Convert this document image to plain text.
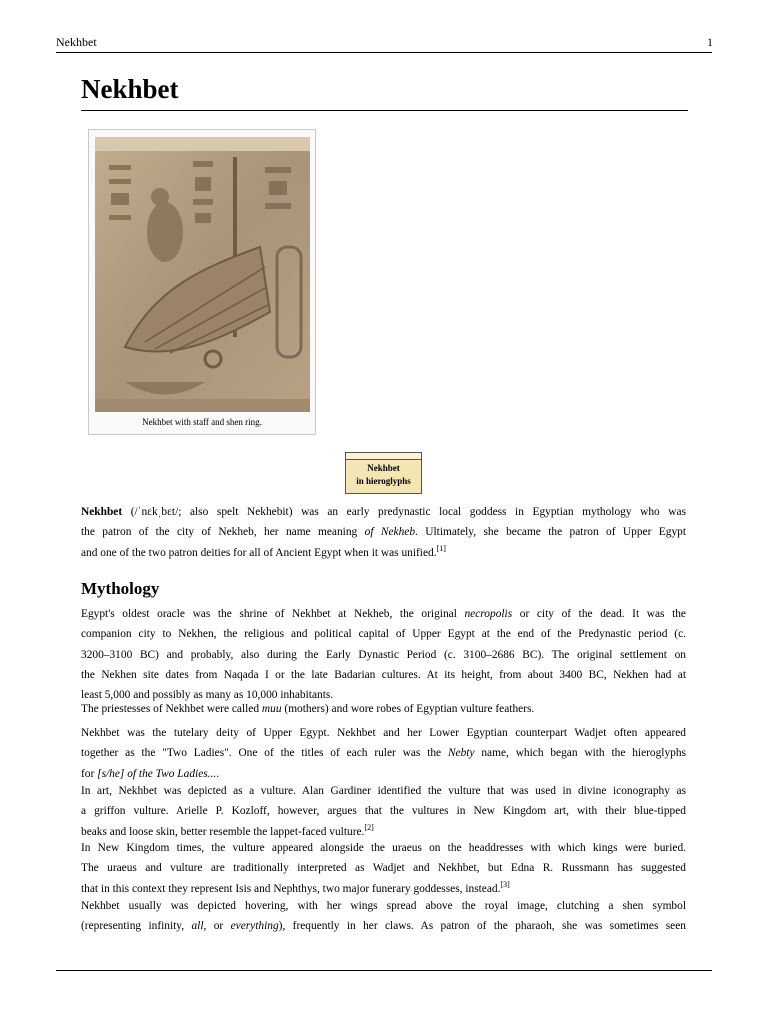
Nekhbet	1
Nekhbet
Nekhbet with staff and shen ring.
Nekhbet
in hieroglyphs

Nekhbet (/ˈnɛkˌbɛt/; also spelt Nekhebit) was an early predynastic local goddess in Egyptian mythology who was
the patron of the city of Nekheb, her name meaning of Nekheb. Ultimately, she became the patron of Upper Egypt
and one of the two patron deities for all of Ancient Egypt when it was unified.[1]

Mythology

Egypt's oldest oracle was the shrine of Nekhbet at Nekheb, the original necropolis or city of the dead. It was the
companion city to Nekhen, the religious and political capital of Upper Egypt at the end of the Predynastic period (c.
3200–3100 BC) and probably, also during the Early Dynastic Period (c. 3100–2686 BC). The original settlement on
the Nekhen site dates from Naqada I or the late Badarian cultures. At its height, from about 3400 BC, Nekhen had at
least 5,000 and possibly as many as 10,000 inhabitants.

The priestesses of Nekhbet were called muu (mothers) and wore robes of Egyptian vulture feathers.

Nekhbet was the tutelary deity of Upper Egypt. Nekhbet and her Lower Egyptian counterpart Wadjet often appeared
together as the "Two Ladies". One of the titles of each ruler was the Nebty name, which began with the hieroglyphs
for [s/he] of the Two Ladies....

In art, Nekhbet was depicted as a vulture. Alan Gardiner identified the vulture that was used in divine iconography as
a griffon vulture. Arielle P. Kozloff, however, argues that the vultures in New Kingdom art, with their blue-tipped
beaks and loose skin, better resemble the lappet-faced vulture.[2]

In New Kingdom times, the vulture appeared alongside the uraeus on the headdresses with which kings were buried.
The uraeus and vulture are traditionally interpreted as Wadjet and Nekhbet, but Edna R. Russmann has suggested
that in this context they represent Isis and Nephthys, two major funerary goddesses, instead.[3]

Nekhbet usually was depicted hovering, with her wings spread above the royal image, clutching a shen symbol
(representing infinity, all, or everything), frequently in her claws. As patron of the pharaoh, she was sometimes seen
